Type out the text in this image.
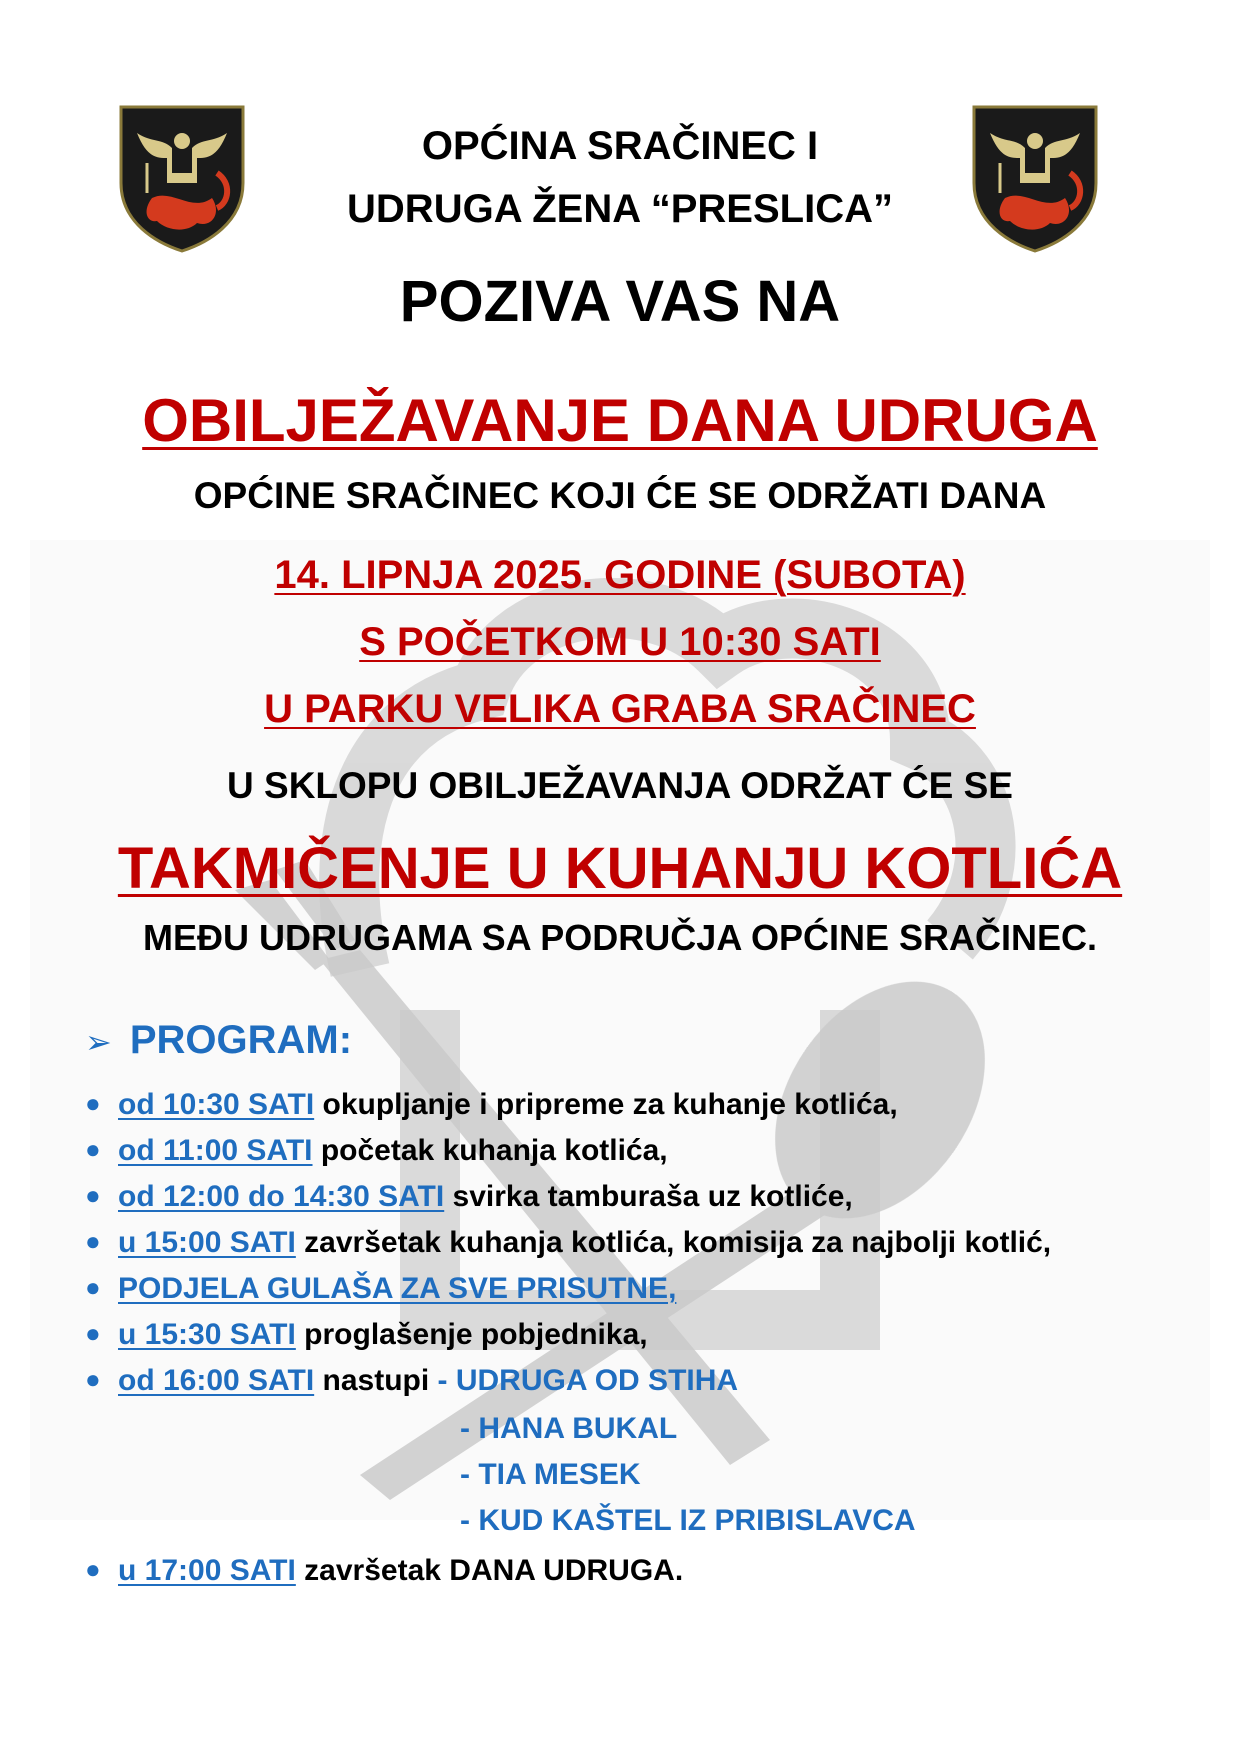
OPĆINA SRAČINEC I
UDRUGA ŽENA “PRESLICA”
POZIVA VAS NA
OBILJEŽAVANJE DANA UDRUGA
OPĆINE SRAČINEC KOJI ĆE SE ODRŽATI DANA
14. LIPNJA 2025. GODINE (SUBOTA)
S POČETKOM U 10:30 SATI
U PARKU VELIKA GRABA SRAČINEC
U SKLOPU OBILJEŽAVANJA ODRŽAT ĆE SE
TAKMIČENJE U KUHANJU KOTLIĆA
MEĐU UDRUGAMA SA PODRUČJA OPĆINE SRAČINEC.
➢ PROGRAM:
● od 10:30 SATI okupljanje i pripreme za kuhanje kotlića,
● od 11:00 SATI početak kuhanja kotlića,
● od 12:00 do 14:30 SATI svirka tamburaša uz kotliće,
● u 15:00 SATI završetak kuhanja kotlića, komisija za najbolji kotlić,
● PODJELA GULAŠA ZA SVE PRISUTNE,
● u 15:30 SATI proglašenje pobjednika,
● od 16:00 SATI nastupi - UDRUGA OD STIHA
- HANA BUKAL
- TIA MESEK
- KUD KAŠTEL IZ PRIBISLAVCA
● u 17:00 SATI završetak DANA UDRUGA.
